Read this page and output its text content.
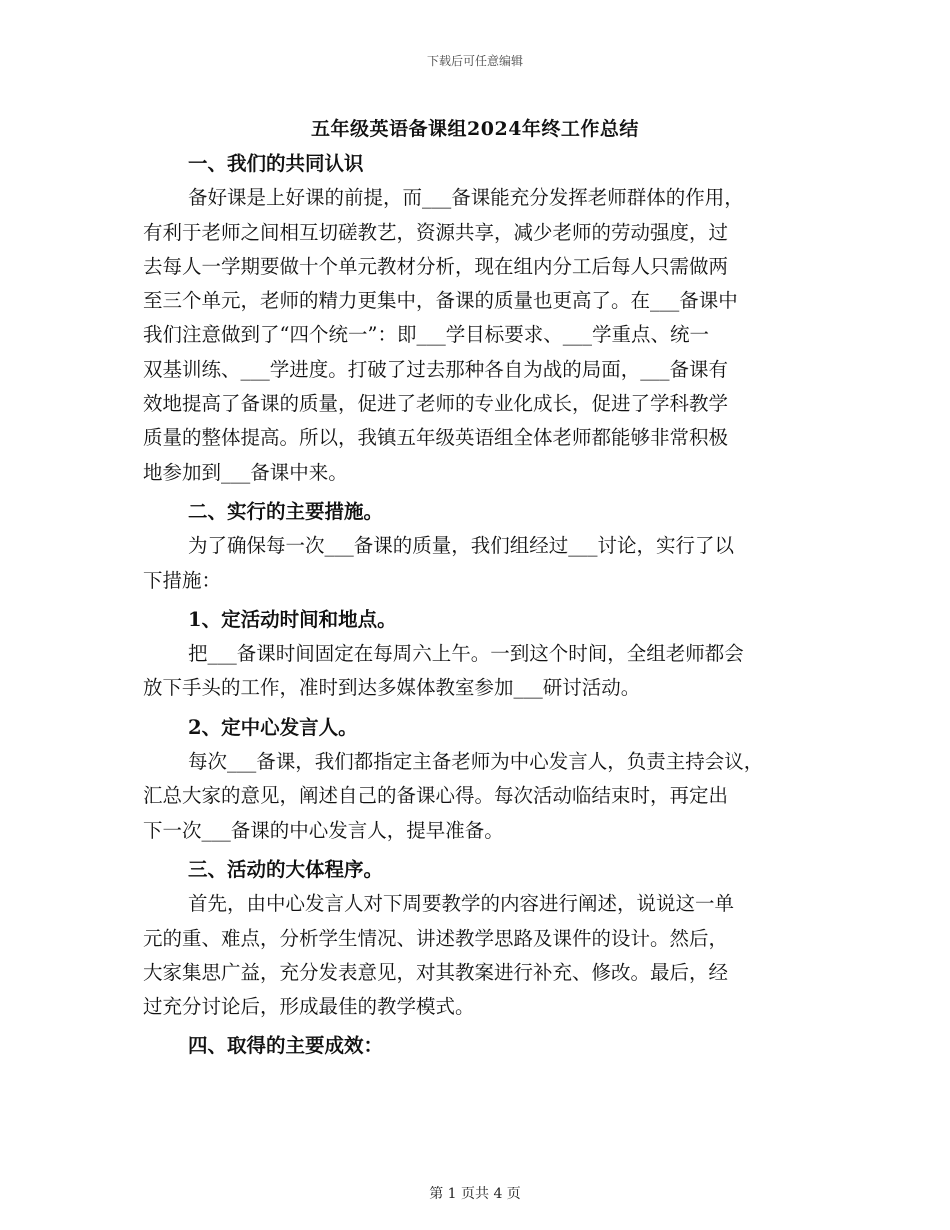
下载后可任意编辑
五年级英语备课组2024年终工作总结

一、我们的共同认识

备好课是上好课的前提，而___备课能充分发挥老师群体的作用，

有利于老师之间相互切磋教艺，资源共享，减少老师的劳动强度，过

去每人一学期要做十个单元教材分析，现在组内分工后每人只需做两

至三个单元，老师的精力更集中，备课的质量也更高了。在___备课中

我们注意做到了“四个统一”：即___学目标要求、___学重点、统一

双基训练、___学进度。打破了过去那种各自为战的局面，___备课有

效地提高了备课的质量，促进了老师的专业化成长，促进了学科教学

质量的整体提高。所以，我镇五年级英语组全体老师都能够非常积极

地参加到___备课中来。

二、实行的主要措施。

为了确保每一次___备课的质量，我们组经过___讨论，实行了以

下措施：

1、定活动时间和地点。

把___备课时间固定在每周六上午。一到这个时间，全组老师都会

放下手头的工作，准时到达多媒体教室参加___研讨活动。

2、定中心发言人。

每次___备课，我们都指定主备老师为中心发言人，负责主持会议，

汇总大家的意见，阐述自己的备课心得。每次活动临结束时，再定出

下一次___备课的中心发言人，提早准备。

三、活动的大体程序。

首先，由中心发言人对下周要教学的内容进行阐述，说说这一单

元的重、难点，分析学生情况、讲述教学思路及课件的设计。然后，

大家集思广益，充分发表意见，对其教案进行补充、修改。最后，经

过充分讨论后，形成最佳的教学模式。

四、取得的主要成效：

第 1 页共 4 页
